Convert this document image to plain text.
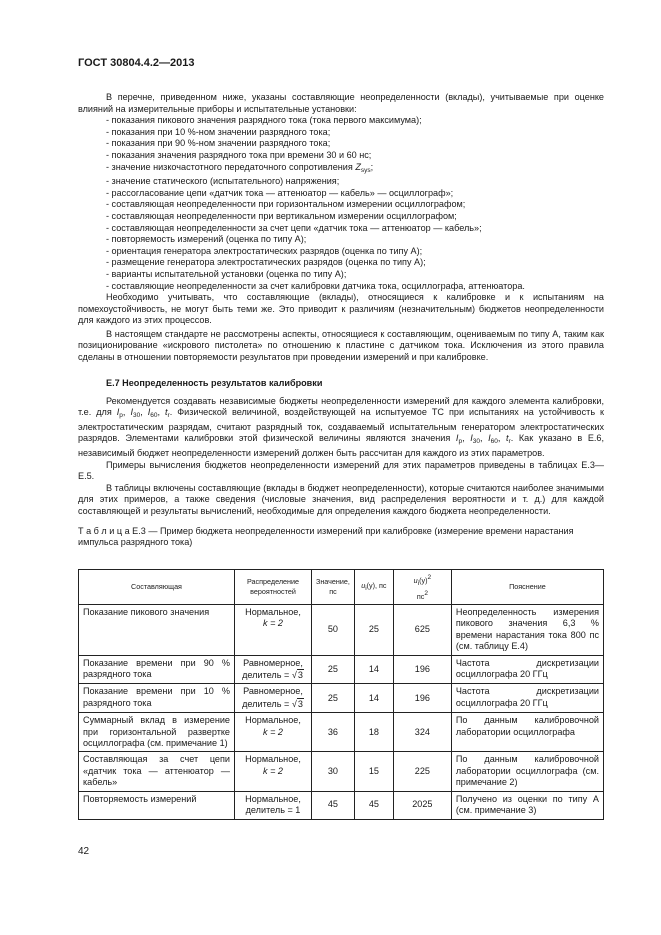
ГОСТ 30804.4.2—2013

В перечне, приведенном ниже, указаны составляющие неопределенности (вклады), учитываемые при оценке влияний на измерительные приборы и испытательные установки:

- показания пикового значения разрядного тока (тока первого максимума);

- показания при 10 %-ном значении разрядного тока;

- показания при 90 %-ном значении разрядного тока;

- показания значения разрядного тока при времени 30 и 60 нс;

- значение низкочастотного передаточного сопротивления $Z_{sys}$;

- значение статического (испытательного) напряжения;

- рассогласование цепи «датчик тока — аттенюатор — кабель» — осциллограф»;

- составляющая неопределенности при горизонтальном измерении осциллографом;

- составляющая неопределенности при вертикальном измерении осциллографом;

- составляющая неопределенности за счет цепи «датчик тока — аттенюатор — кабель»;

- повторяемость измерений (оценка по типу А);

- ориентация генератора электростатических разрядов (оценка по типу А);

- размещение генератора электростатических разрядов (оценка по типу А);

- варианты испытательной установки (оценка по типу А);

- составляющие неопределенности за счет калибровки датчика тока, осциллографа, аттенюатора.

Необходимо учитывать, что составляющие (вклады), относящиеся к калибровке и к испытаниям на помехоустойчивость, не могут быть теми же. Это приводит к различиям (незначительным) бюджетов неопределенности для каждого из этих процессов.

В настоящем стандарте не рассмотрены аспекты, относящиеся к составляющим, оцениваемым по типу А, таким как позиционирование «искрового пистолета» по отношению к пластине с датчиком тока. Исключения из этого правила сделаны в отношении повторяемости результатов при проведении измерений и при калибровке.

Е.7 Неопределенность результатов калибровки

Рекомендуется создавать независимые бюджеты неопределенности измерений для каждого элемента калибровки, т.е. для $I_p$, $I_{30}$, $I_{60}$, $t_r$. Физической величиной, воздействующей на испытуемое ТС при испытаниях на устойчивость к электростатическим разрядам, считают разрядный ток, создаваемый испытательным генератором электростатических разрядов. Элементами калибровки этой физической величины являются значения $I_p$, $I_{30}$, $I_{60}$, $t_r$. Как указано в Е.6, независимый бюджет неопределенности измерений должен быть рассчитан для каждого из этих параметров.

Примеры вычисления бюджетов неопределенности измерений для этих параметров приведены в таблицах Е.3—Е.5.

В таблицы включены составляющие (вклады в бюджет неопределенности), которые считаются наиболее значимыми для этих примеров, а также сведения (числовые значения, вид распределения вероятности и т. д.) для каждой составляющей и результаты вычислений, необходимые для определения каждого бюджета неопределенности.

Т а б л и ц а Е.3 — Пример бюджета неопределенности измерений при калибровке (измерение времени нарастания импульса разрядного тока)

Составляющая	Распределение вероятностей	Значение, пс	ui(y), пс	ui(y)2
пс2	Пояснение
Показание пикового значения	Нормальное,
k = 2	50	25	625	Неопределенность измерения пикового значения 6,3 % времени нарастания тока 800 пс (см. таблицу Е.4)
Показание времени при 90 % разрядного тока	Равномерное,
делитель = √3	25	14	196	Частота дискретизации осциллографа 20 ГГц
Показание времени при 10 % разрядного тока	Равномерное,
делитель = √3	25	14	196	Частота дискретизации осциллографа 20 ГГц
Суммарный вклад в измерение при горизонтальной развертке осциллографа (см. примечание 1)	Нормальное,
k = 2	36	18	324	По данным калибровочной лаборатории осциллографа
Составляющая за счет цепи «датчик тока — аттенюатор — кабель»	Нормальное,
k = 2	30	15	225	По данным калибровочной лаборатории осциллографа (см. примечание 2)
Повторяемость измерений	Нормальное,
делитель = 1	45	45	2025	Получено из оценки по типу А (см. примечание 3)
42
